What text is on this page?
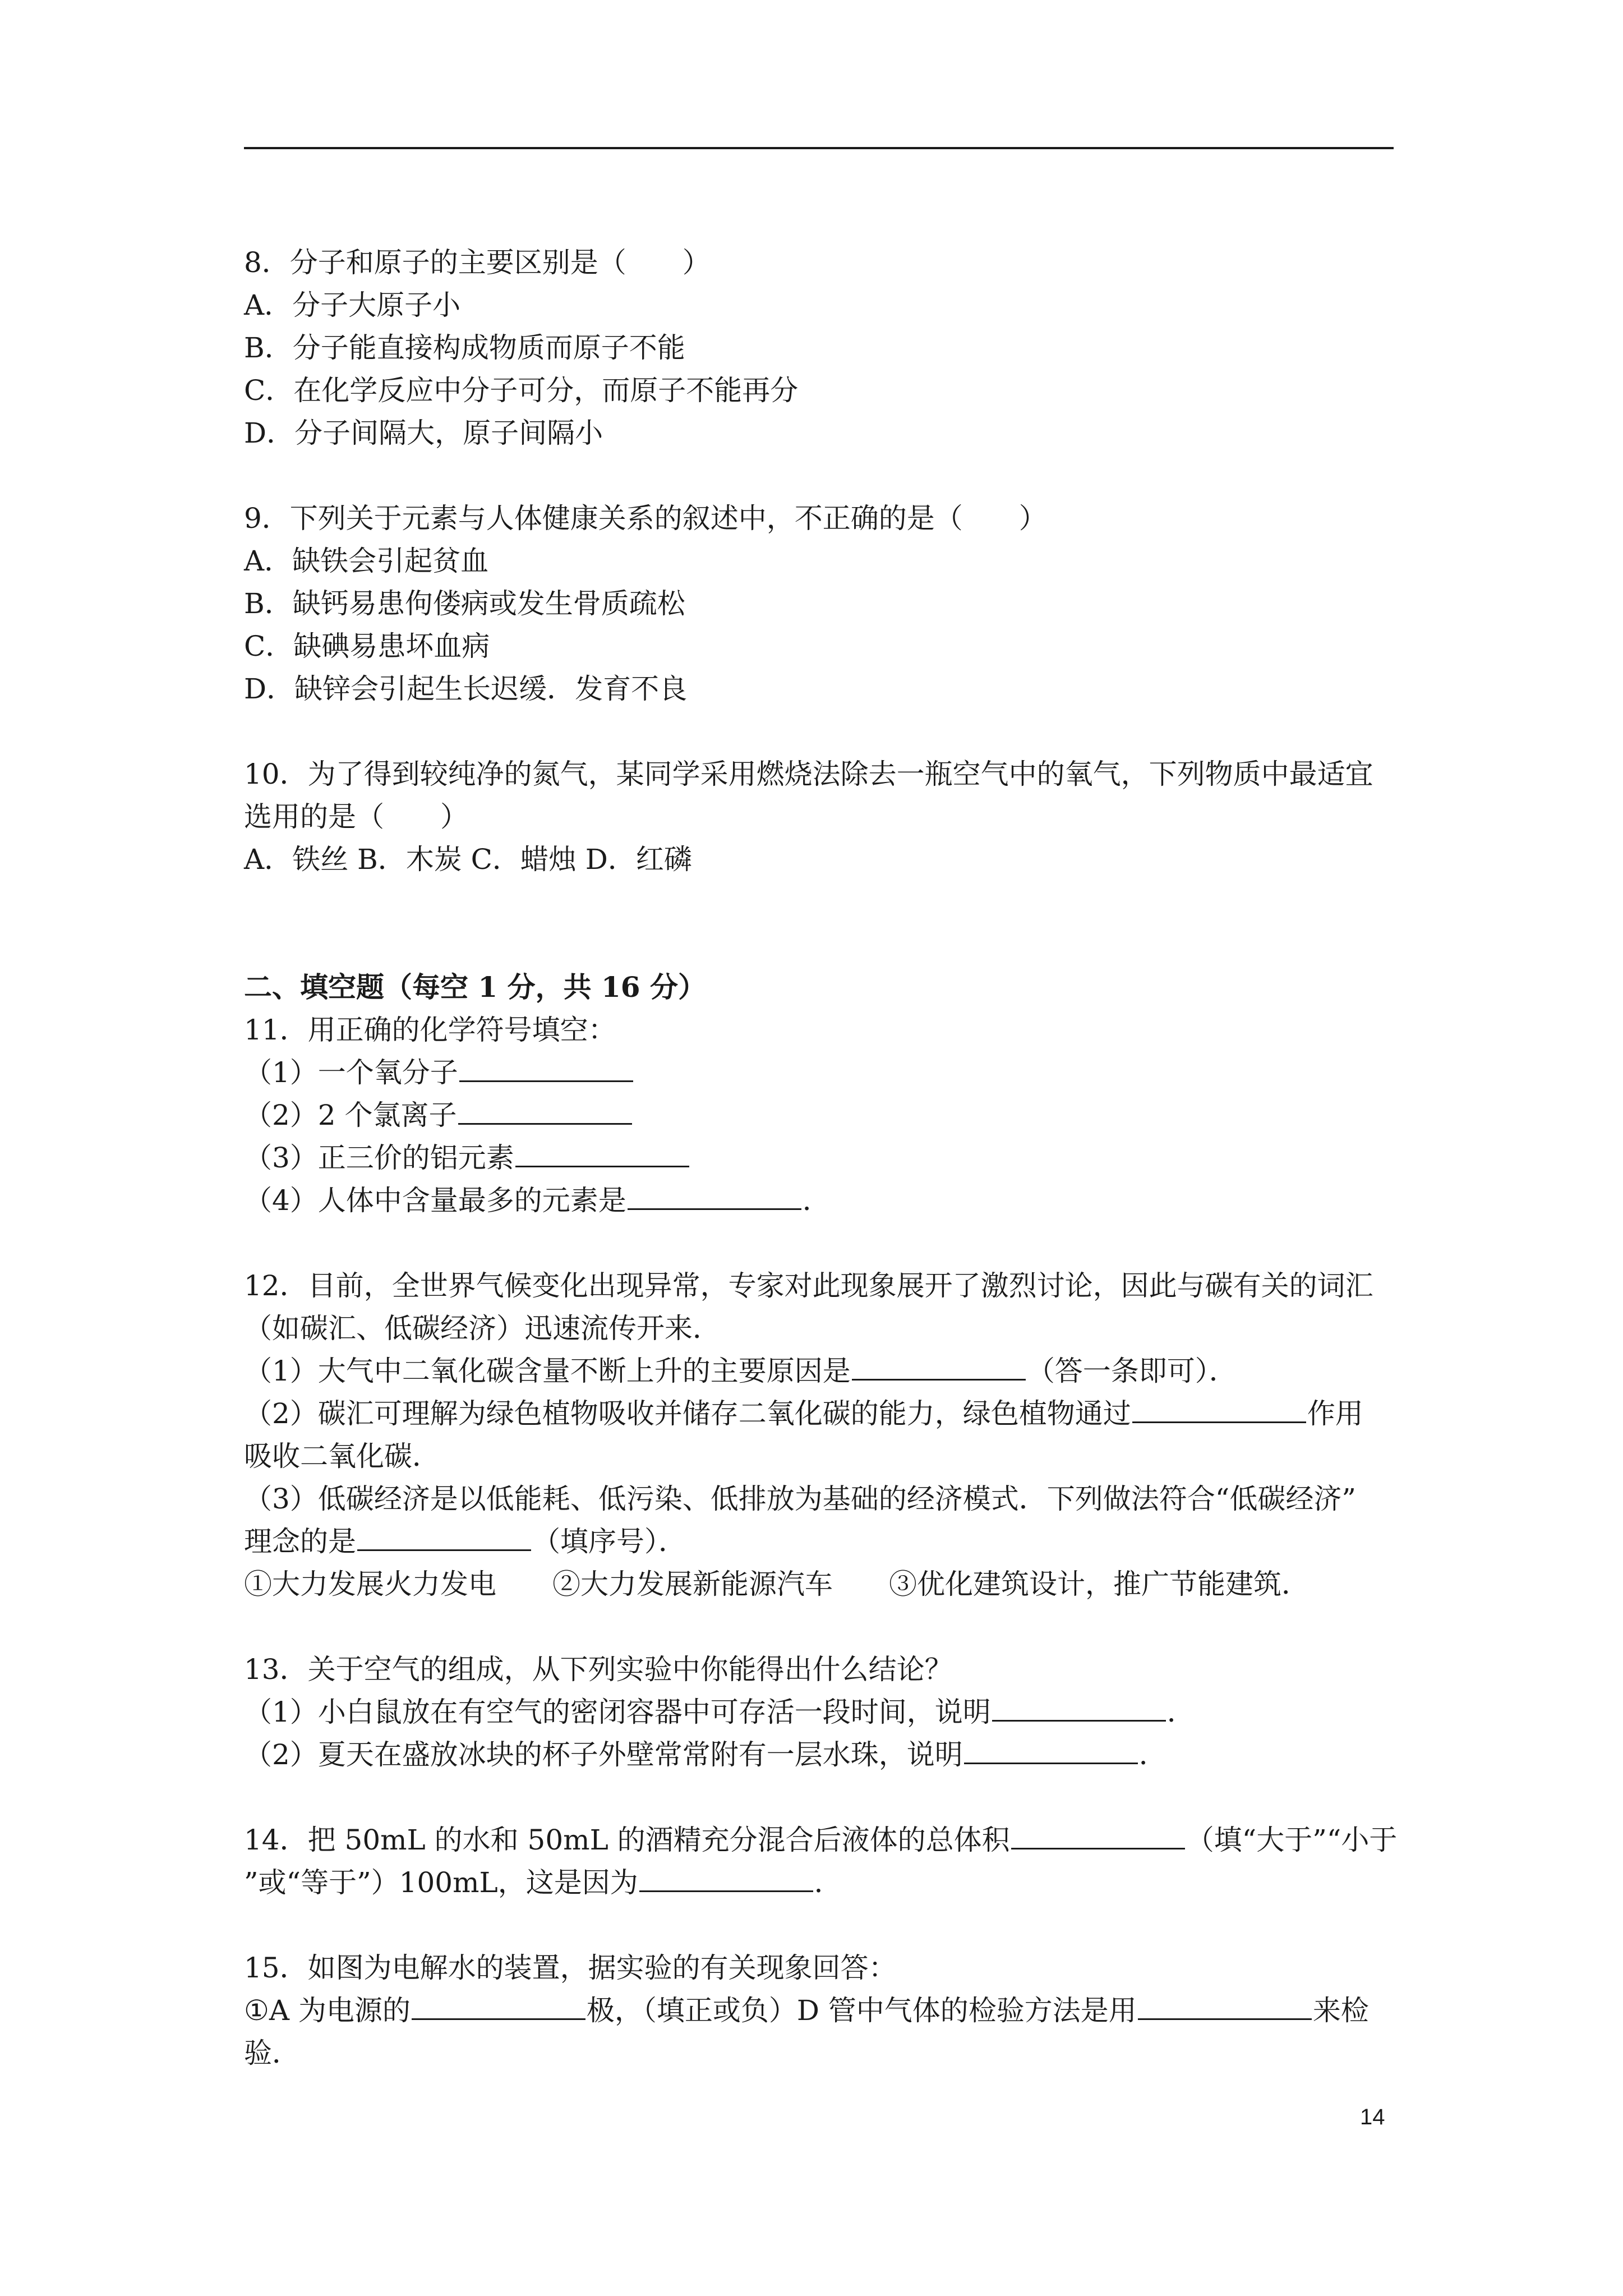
8．分子和原子的主要区别是（　　）
A．分子大原子小
B．分子能直接构成物质而原子不能
C．在化学反应中分子可分，而原子不能再分
D．分子间隔大，原子间隔小
9．下列关于元素与人体健康关系的叙述中，不正确的是（　　）
A．缺铁会引起贫血
B．缺钙易患佝偻病或发生骨质疏松
C．缺碘易患坏血病
D．缺锌会引起生长迟缓．发育不良
10．为了得到较纯净的氮气，某同学采用燃烧法除去一瓶空气中的氧气，下列物质中最适宜
选用的是（　　）
A．铁丝 B．木炭 C．蜡烛 D．红磷
二、填空题（每空 1 分，共 16 分）
11．用正确的化学符号填空：
（1）一个氧分子
（2）2 个氯离子
（3）正三价的铝元素
（4）人体中含量最多的元素是	．
12．目前，全世界气候变化出现异常，专家对此现象展开了激烈讨论，因此与碳有关的词汇
（如碳汇、低碳经济）迅速流传开来．
（1）大气中二氧化碳含量不断上升的主要原因是	（答一条即可）．
（2）碳汇可理解为绿色植物吸收并储存二氧化碳的能力，绿色植物通过	作用
吸收二氧化碳．
（3）低碳经济是以低能耗、低污染、低排放为基础的经济模式．下列做法符合“低碳经济”
理念的是	（填序号）．
①大力发展火力发电　　②大力发展新能源汽车　　③优化建筑设计，推广节能建筑．
13．关于空气的组成，从下列实验中你能得出什么结论？
（1）小白鼠放在有空气的密闭容器中可存活一段时间，说明	．
（2）夏天在盛放冰块的杯子外壁常常附有一层水珠，说明	．
14．把 50mL 的水和 50mL 的酒精充分混合后液体的总体积	（填“大于”“小于
”或“等于”）100mL，这是因为	．
15．如图为电解水的装置，据实验的有关现象回答：
①A 为电源的	极，（填正或负）D 管中气体的检验方法是用	来检
验．
14
